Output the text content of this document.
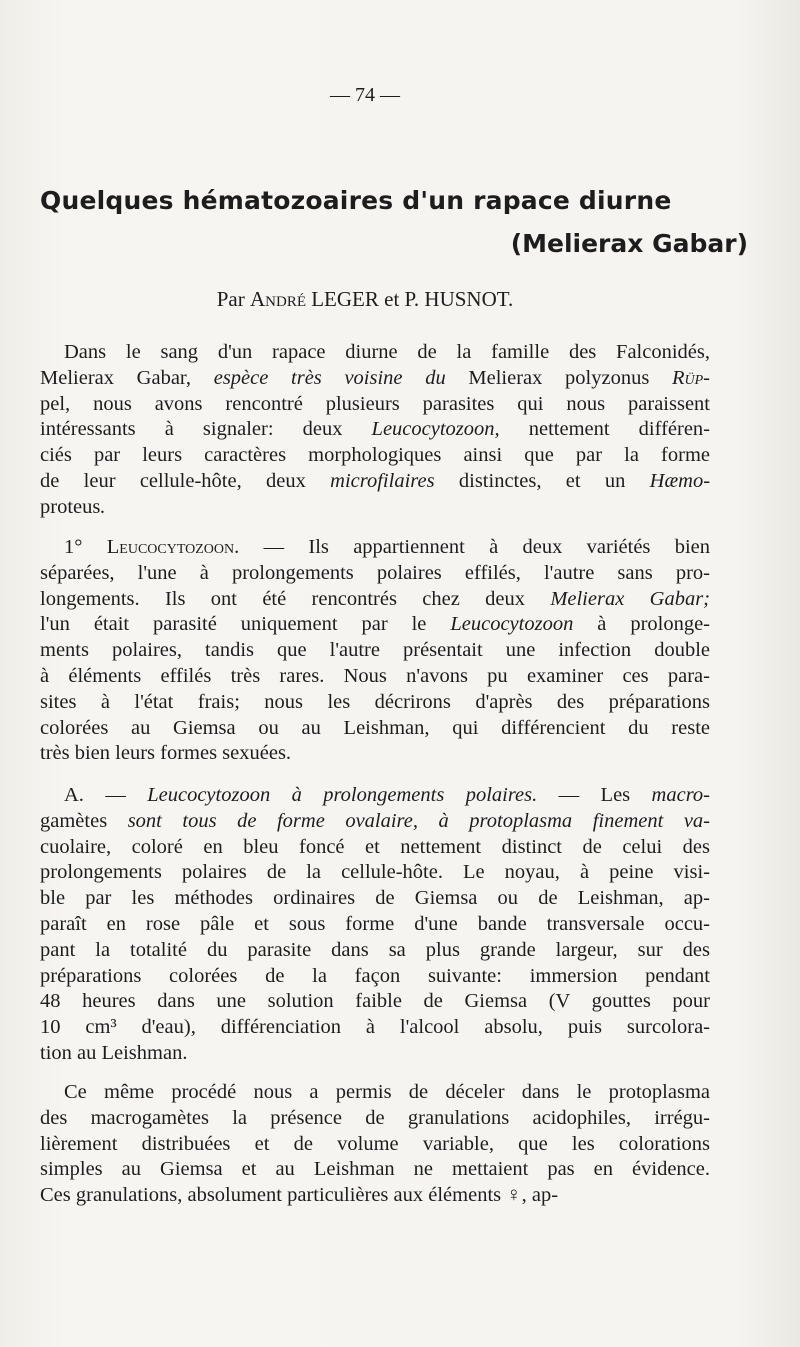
— 74 —
Quelques hématozoaires d'un rapace diurne
(Melierax Gabar)
Par André LEGER et P. HUSNOT.
Dans le sang d'un rapace diurne de la famille des Falconidés,
Melierax Gabar, espèce très voisine du Melierax polyzonus Rüp-
pel, nous avons rencontré plusieurs parasites qui nous paraissent
intéressants à signaler: deux Leucocytozoon, nettement différen-
ciés par leurs caractères morphologiques ainsi que par la forme
de leur cellule-hôte, deux microfilaires distinctes, et un Hæmo-
proteus.
1° Leucocytozoon. — Ils appartiennent à deux variétés bien
séparées, l'une à prolongements polaires effilés, l'autre sans pro-
longements. Ils ont été rencontrés chez deux Melierax Gabar;
l'un était parasité uniquement par le Leucocytozoon à prolonge-
ments polaires, tandis que l'autre présentait une infection double
à éléments effilés très rares. Nous n'avons pu examiner ces para-
sites à l'état frais; nous les décrirons d'après des préparations
colorées au Giemsa ou au Leishman, qui différencient du reste
très bien leurs formes sexuées.
A. — Leucocytozoon à prolongements polaires. — Les macro-
gamètes sont tous de forme ovalaire, à protoplasma finement va-
cuolaire, coloré en bleu foncé et nettement distinct de celui des
prolongements polaires de la cellule-hôte. Le noyau, à peine visi-
ble par les méthodes ordinaires de Giemsa ou de Leishman, ap-
paraît en rose pâle et sous forme d'une bande transversale occu-
pant la totalité du parasite dans sa plus grande largeur, sur des
préparations colorées de la façon suivante: immersion pendant
48 heures dans une solution faible de Giemsa (V gouttes pour
10 cm³ d'eau), différenciation à l'alcool absolu, puis surcolora-
tion au Leishman.
Ce même procédé nous a permis de déceler dans le protoplasma
des macrogamètes la présence de granulations acidophiles, irrégu-
lièrement distribuées et de volume variable, que les colorations
simples au Giemsa et au Leishman ne mettaient pas en évidence.
Ces granulations, absolument particulières aux éléments ♀, ap-
